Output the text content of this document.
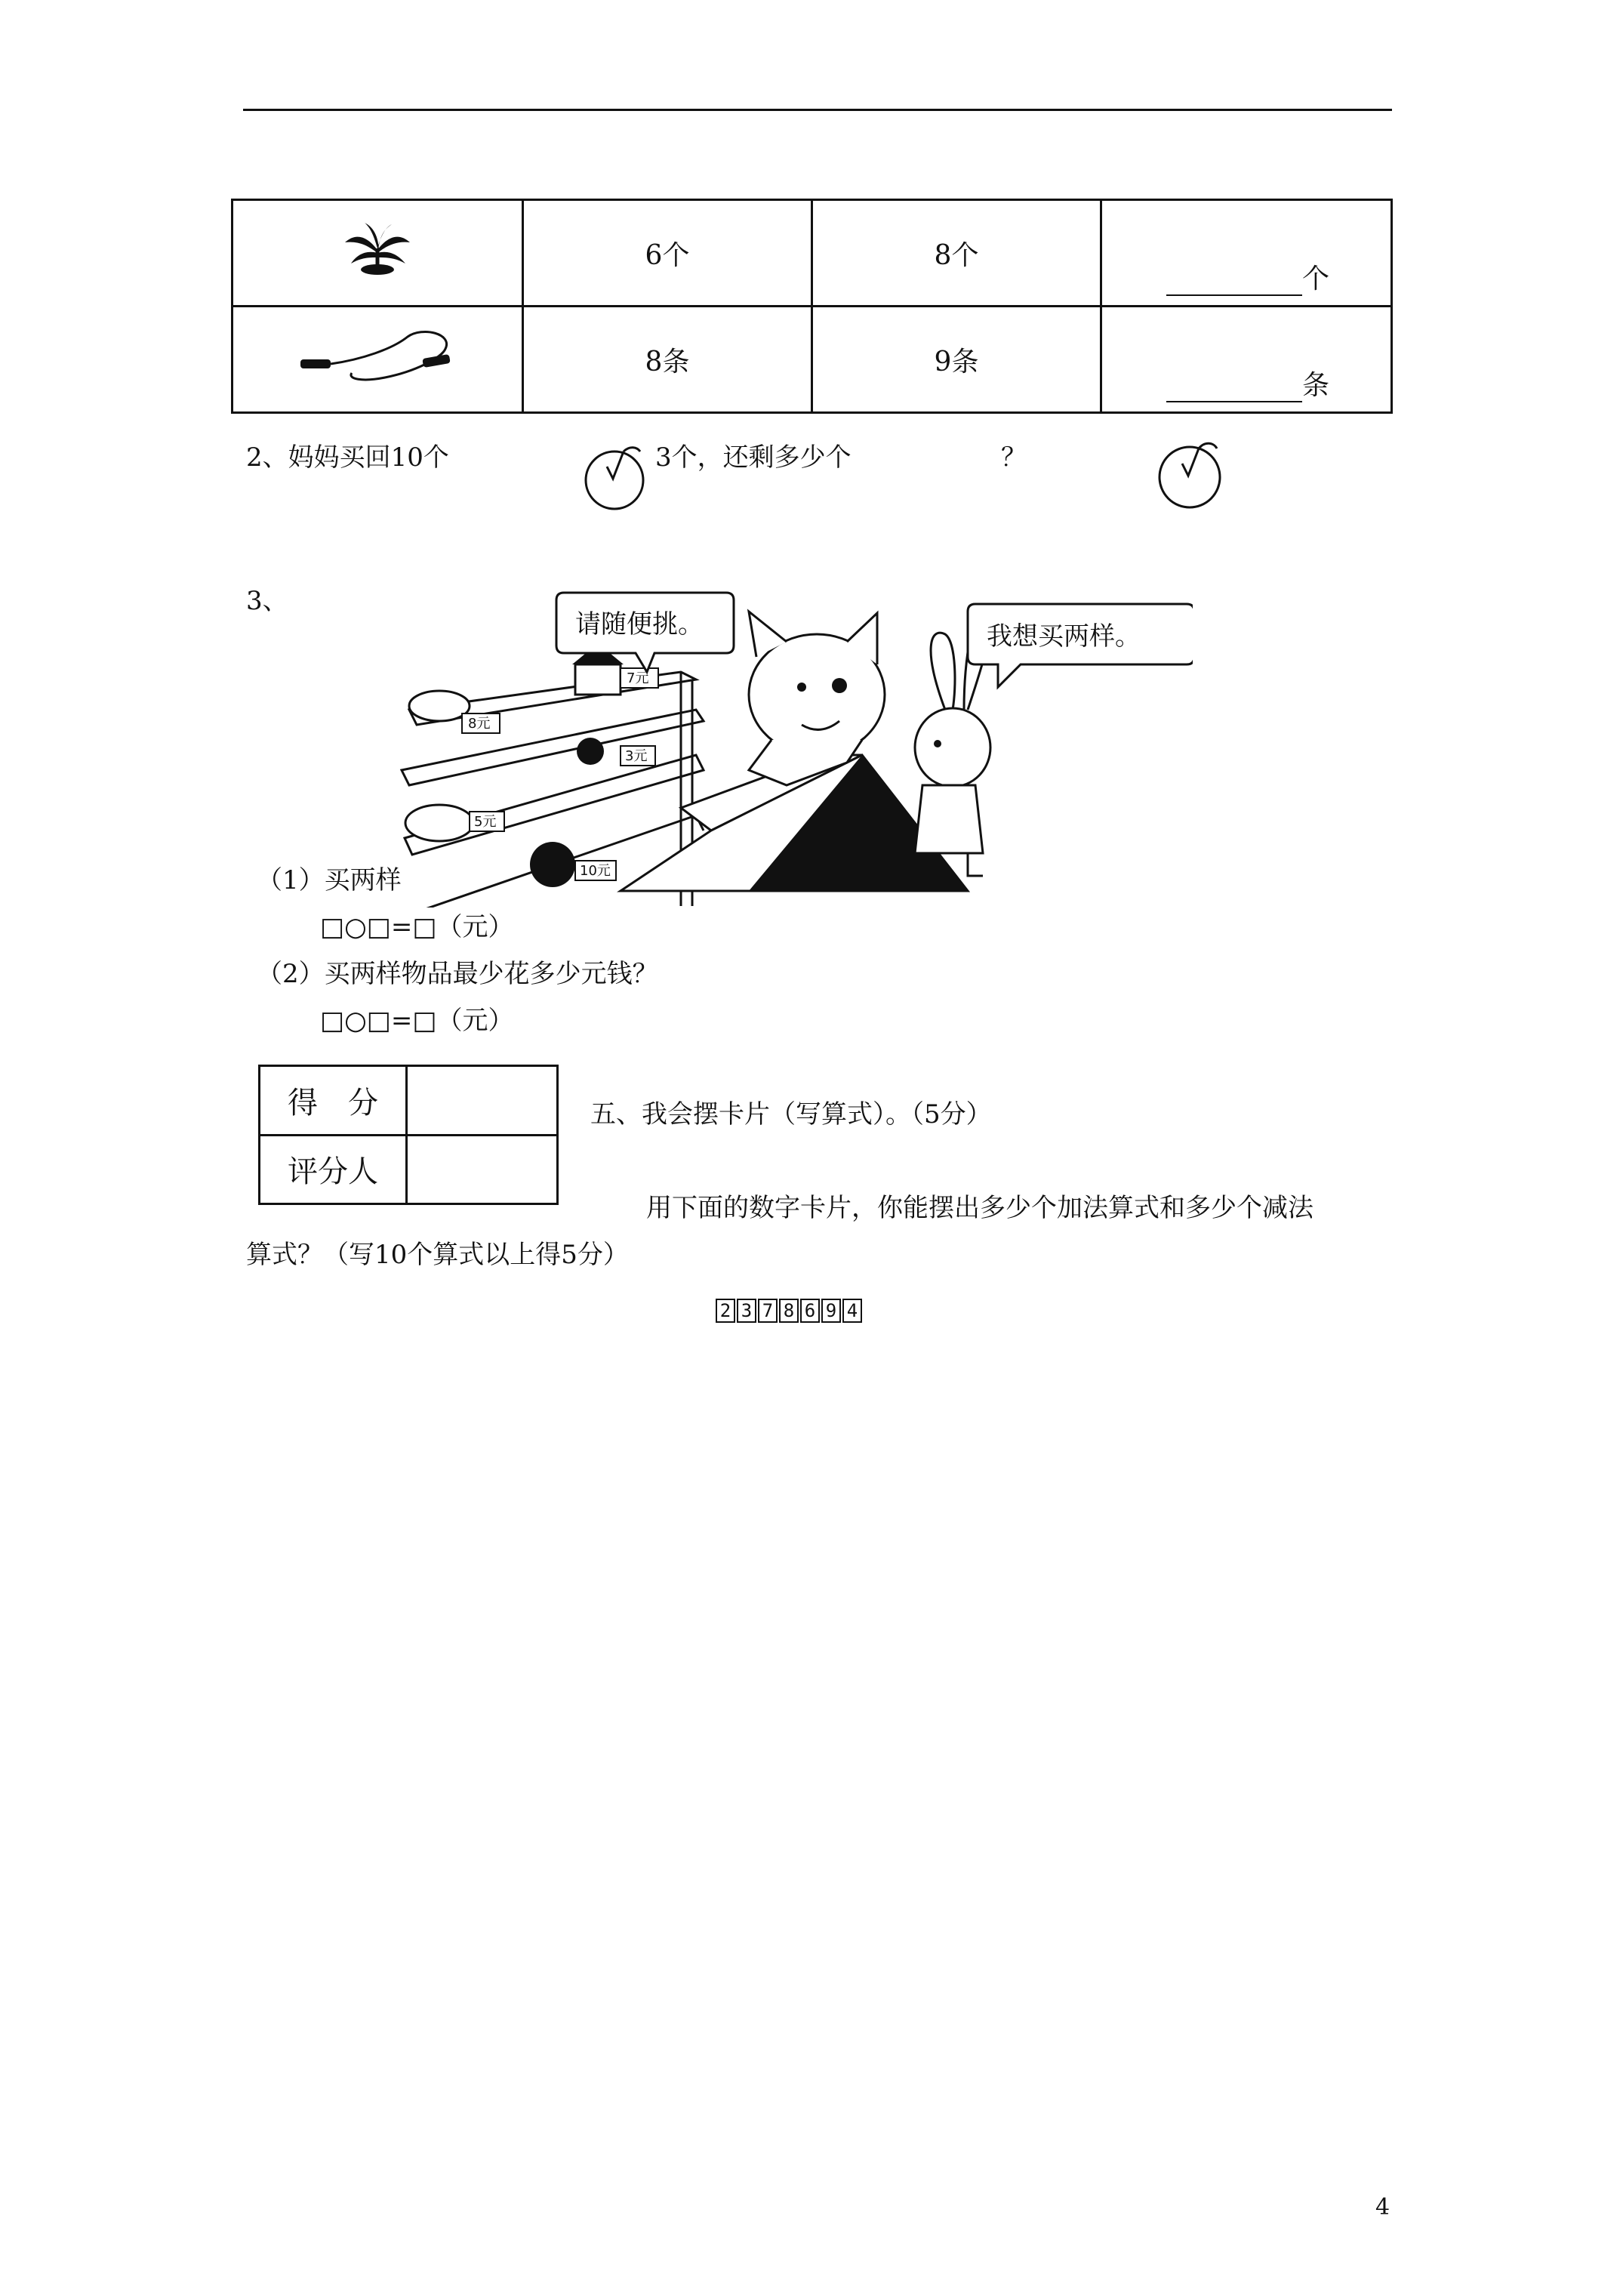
	6个	8个	个
	8条	9条	条
2、妈妈买回10个	3个，还剩多少个	？
3、
8元
7元
3元
5元
10元
请随便挑。	我想买两样。
（1）买两样
□○□=□（元）
（2）买两样物品最少花多少元钱？
□○□=□（元）
得　分	
评分人	
五、我会摆卡片（写算式）。（5分）
用下面的数字卡片，你能摆出多少个加法算式和多少个减法
算式？（写10个算式以上得5分）
2 3 7 8 6 9 4
4
